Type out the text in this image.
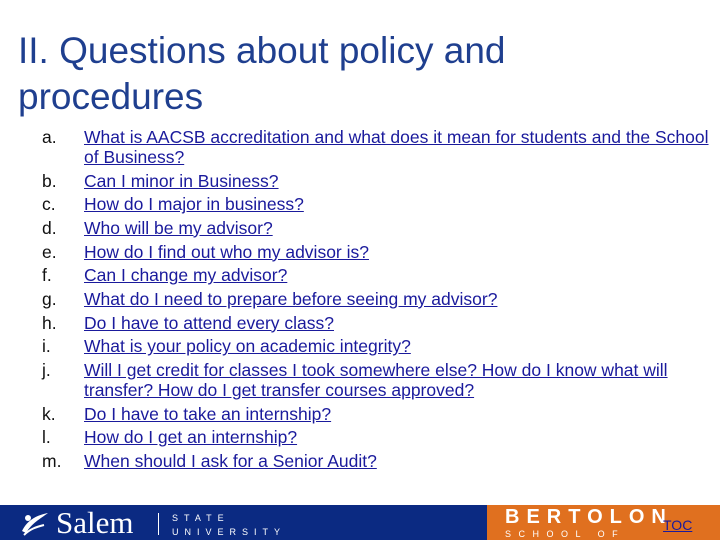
II. Questions about policy and procedures
a.	What is AACSB accreditation and what does it mean for students and the School of Business?
b.	Can I minor in Business?
c.	How do I major in business?
d.	Who will be my advisor?
e.	How do I find out who my advisor is?
f.	Can I change my advisor?
g.	What do I need to prepare before seeing my advisor?
h.	Do I have to attend every class?
i.	What is your policy on academic integrity?
j.	Will I get credit for classes I took somewhere else? How do I know what will transfer? How do I get transfer courses approved?
k.	Do I have to take an internship?
l.	How do I get an internship?
m.	When should I ask for a Senior Audit?
Salem	STATE
UNIVERSITY
BERTOLON
SCHOOL OF BUSINESS
TOC
